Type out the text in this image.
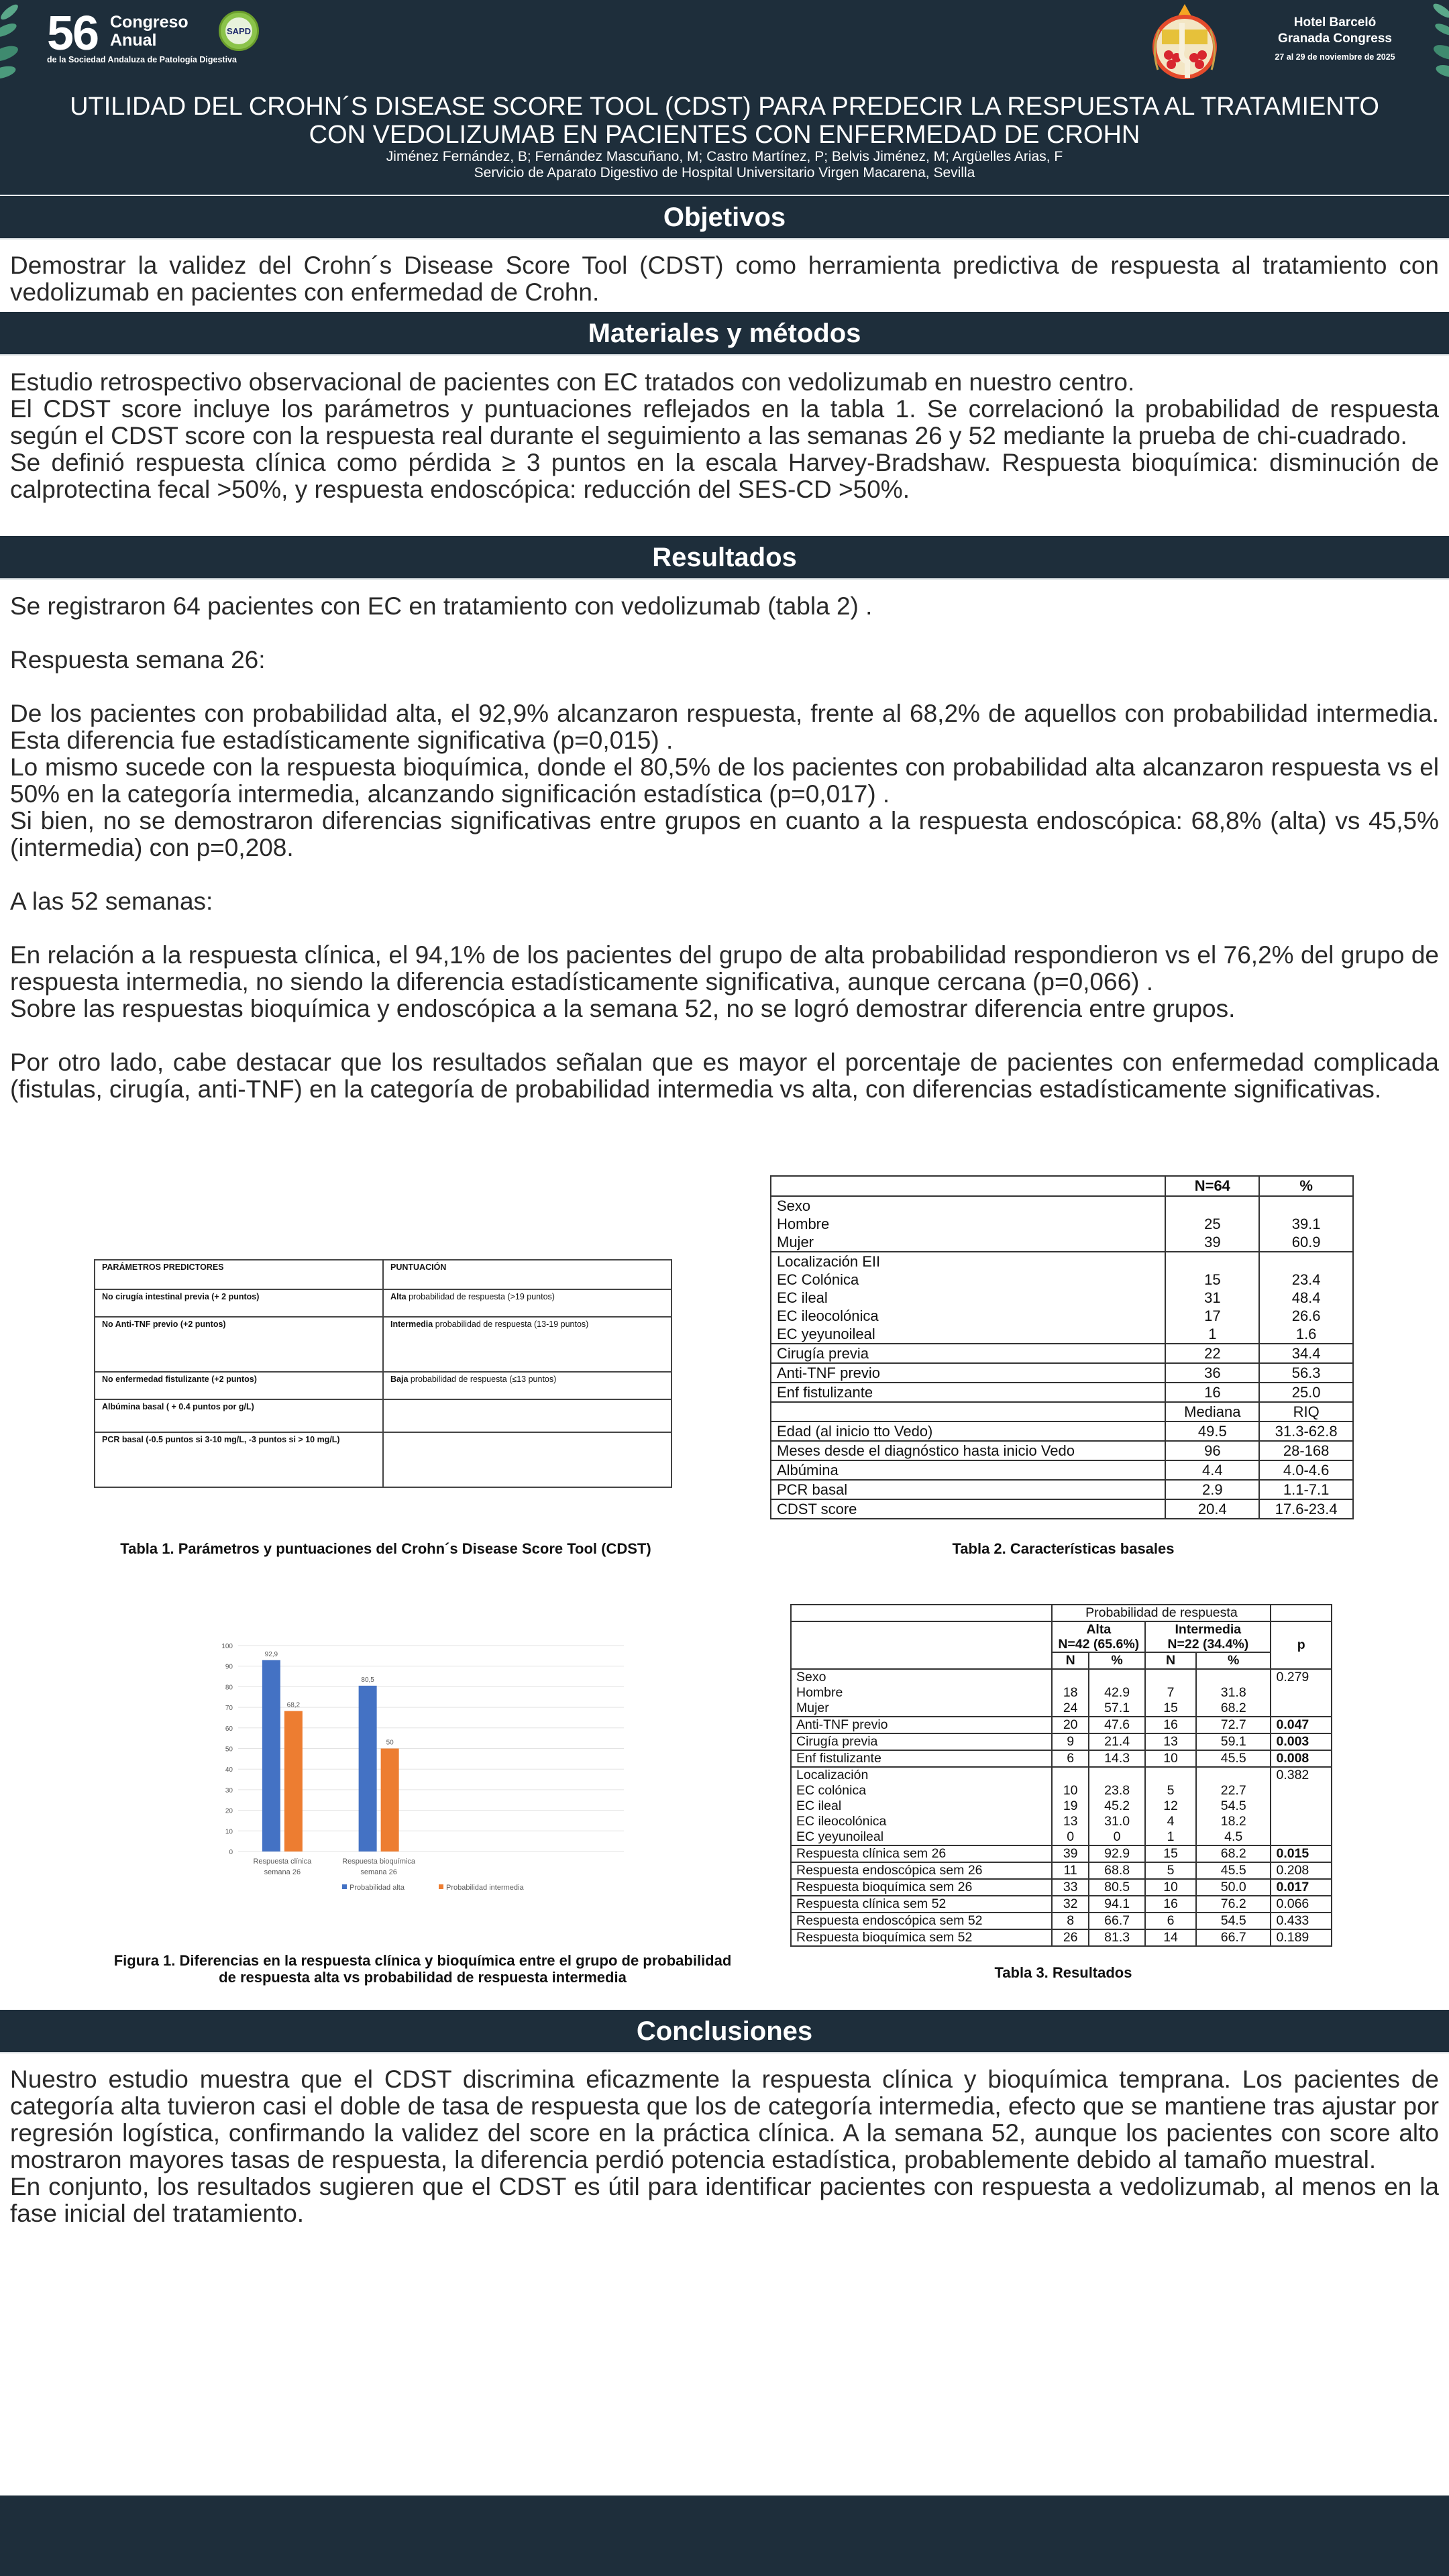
56 Congreso
Anual
de la Sociedad Andaluza de Patología Digestiva
SAPD
Hotel Barceló
Granada Congress
27 al 29 de noviembre de 2025
UTILIDAD DEL CROHN´S DISEASE SCORE TOOL (CDST) PARA PREDECIR LA RESPUESTA AL TRATAMIENTO
CON VEDOLIZUMAB EN PACIENTES CON ENFERMEDAD DE CROHN
Jiménez Fernández, B; Fernández Mascuñano, M; Castro Martínez, P; Belvis Jiménez, M; Argüelles Arias, F
Servicio de Aparato Digestivo de Hospital Universitario Virgen Macarena, Sevilla
Objetivos

Demostrar la validez del Crohn´s Disease Score Tool (CDST) como herramienta predictiva de respuesta al tratamiento con vedolizumab en pacientes con enfermedad de Crohn.

Materiales y métodos

Estudio retrospectivo observacional de pacientes con EC tratados con vedolizumab en nuestro centro.

El CDST score incluye los parámetros y puntuaciones reflejados en la tabla 1. Se correlacionó la probabilidad de respuesta según el CDST score con la respuesta real durante el seguimiento a las semanas 26 y 52 mediante la prueba de chi-cuadrado.

Se definió respuesta clínica como pérdida ≥ 3 puntos en la escala Harvey-Bradshaw. Respuesta bioquímica: disminución de calprotectina fecal >50%, y respuesta endoscópica: reducción del SES-CD >50%.

Resultados

Se registraron 64 pacientes con EC en tratamiento con vedolizumab (tabla 2) .

Respuesta semana 26:

De los pacientes con probabilidad alta, el 92,9% alcanzaron respuesta, frente al 68,2% de aquellos con probabilidad intermedia. Esta diferencia fue estadísticamente significativa (p=0,015) .

Lo mismo sucede con la respuesta bioquímica, donde el 80,5% de los pacientes con probabilidad alta alcanzaron respuesta vs el 50% en la categoría intermedia, alcanzando significación estadística (p=0,017) .

Si bien, no se demostraron diferencias significativas entre grupos en cuanto a la respuesta endoscópica: 68,8% (alta) vs 45,5% (intermedia) con p=0,208.

A las 52 semanas:

En relación a la respuesta clínica, el 94,1% de los pacientes del grupo de alta probabilidad respondieron vs el 76,2% del grupo de respuesta intermedia, no siendo la diferencia estadísticamente significativa, aunque cercana (p=0,066) .

Sobre las respuestas bioquímica y endoscópica a la semana 52, no se logró demostrar diferencia entre grupos.

Por otro lado, cabe destacar que los resultados señalan que es mayor el porcentaje de pacientes con enfermedad complicada (fistulas, cirugía, anti-TNF) en la categoría de probabilidad intermedia vs alta, con diferencias estadísticamente significativas.

PARÁMETROS PREDICTORES	PUNTUACIÓN
No cirugía intestinal previa (+ 2 puntos)	Alta probabilidad de respuesta (>19 puntos)
No Anti-TNF previo (+2 puntos)	Intermedia probabilidad de respuesta (13-19 puntos)
No enfermedad fistulizante (+2 puntos)	Baja probabilidad de respuesta (≤13 puntos)
Albúmina basal ( + 0.4 puntos por g/L)	
PCR basal (-0.5 puntos si 3-10 mg/L, -3 puntos si > 10 mg/L)	
Tabla 1. Parámetros y puntuaciones del Crohn´s Disease Score Tool (CDST)
	N=64	%
Sexo		
Hombre	25	39.1
Mujer	39	60.9
Localización EII		
EC Colónica	15	23.4
EC ileal	31	48.4
EC ileocolónica	17	26.6
EC yeyunoileal	1	1.6
Cirugía previa	22	34.4
Anti-TNF previo	36	56.3
Enf fistulizante	16	25.0
	Mediana	RIQ
Edad (al inicio tto Vedo)	49.5	31.3-62.8
Meses desde el diagnóstico hasta inicio Vedo	96	28-168
Albúmina	4.4	4.0-4.6
PCR basal	2.9	1.1-7.1
CDST score	20.4	17.6-23.4
Tabla 2. Características basales
0
10
20
30
40
50
60
70
80
90
100
92,9
68,2
Respuesta clínica
semana 26
80,5
50
Respuesta bioquímica
semana 26
Probabilidad alta	Probabilidad intermedia
Figura 1. Diferencias en la respuesta clínica y bioquímica entre el grupo de probabilidad de respuesta alta vs probabilidad de respuesta intermedia
	Probabilidad de respuesta				

Alta
N=42 (65.6%)

Intermedia
N=22 (34.4%)	p
	N	%	N	%	
Sexo					0.279
Hombre	18	42.9	7	31.8	
Mujer	24	57.1	15	68.2	
Anti-TNF previo	20	47.6	16	72.7	0.047
Cirugía previa	9	21.4	13	59.1	0.003
Enf fistulizante	6	14.3	10	45.5	0.008
Localización					0.382
EC colónica	10	23.8	5	22.7	
EC ileal	19	45.2	12	54.5	
EC ileocolónica	13	31.0	4	18.2	
EC yeyunoileal	0	0	1	4.5	
Respuesta clínica sem 26	39	92.9	15	68.2	0.015
Respuesta endoscópica sem 26	11	68.8	5	45.5	0.208
Respuesta bioquímica sem 26	33	80.5	10	50.0	0.017
Respuesta clínica sem 52	32	94.1	16	76.2	0.066
Respuesta endoscópica sem 52	8	66.7	6	54.5	0.433
Respuesta bioquímica sem 52	26	81.3	14	66.7	0.189
Tabla 3. Resultados
Conclusiones

Nuestro estudio muestra que el CDST discrimina eficazmente la respuesta clínica y bioquímica temprana. Los pacientes de categoría alta tuvieron casi el doble de tasa de respuesta que los de categoría intermedia, efecto que se mantiene tras ajustar por regresión logística, confirmando la validez del score en la práctica clínica. A la semana 52, aunque los pacientes con score alto mostraron mayores tasas de respuesta, la diferencia perdió potencia estadística, probablemente debido al tamaño muestral.

En conjunto, los resultados sugieren que el CDST es útil para identificar pacientes con respuesta a vedolizumab, al menos en la fase inicial del tratamiento.
